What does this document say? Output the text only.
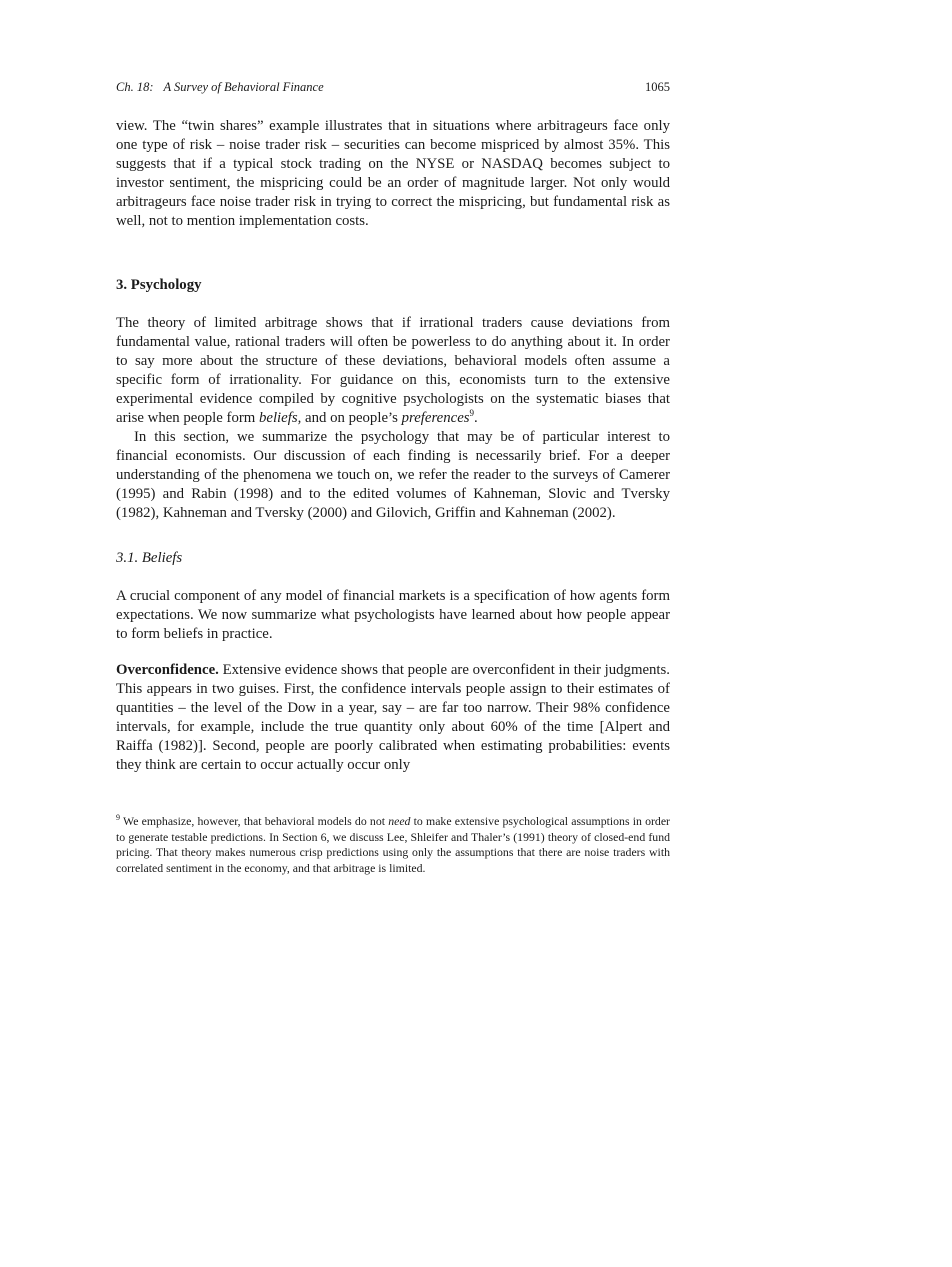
Ch. 18: A Survey of Behavioral Finance	1065

view. The “twin shares” example illustrates that in situations where arbitrageurs face only one type of risk – noise trader risk – securities can become mispriced by almost 35%. This suggests that if a typical stock trading on the NYSE or NASDAQ becomes subject to investor sentiment, the mispricing could be an order of magnitude larger. Not only would arbitrageurs face noise trader risk in trying to correct the mispricing, but fundamental risk as well, not to mention implementation costs.

3. Psychology

The theory of limited arbitrage shows that if irrational traders cause deviations from fundamental value, rational traders will often be powerless to do anything about it. In order to say more about the structure of these deviations, behavioral models often assume a specific form of irrationality. For guidance on this, economists turn to the extensive experimental evidence compiled by cognitive psychologists on the systematic biases that arise when people form beliefs, and on people’s preferences$^9$.

In this section, we summarize the psychology that may be of particular interest to financial economists. Our discussion of each finding is necessarily brief. For a deeper understanding of the phenomena we touch on, we refer the reader to the surveys of Camerer (1995) and Rabin (1998) and to the edited volumes of Kahneman, Slovic and Tversky (1982), Kahneman and Tversky (2000) and Gilovich, Griffin and Kahneman (2002).

3.1. Beliefs

A crucial component of any model of financial markets is a specification of how agents form expectations. We now summarize what psychologists have learned about how people appear to form beliefs in practice.

Overconfidence. Extensive evidence shows that people are overconfident in their judgments. This appears in two guises. First, the confidence intervals people assign to their estimates of quantities – the level of the Dow in a year, say – are far too narrow. Their 98% confidence intervals, for example, include the true quantity only about 60% of the time [Alpert and Raiffa (1982)]. Second, people are poorly calibrated when estimating probabilities: events they think are certain to occur actually occur only

$^9$ We emphasize, however, that behavioral models do not need to make extensive psychological assumptions in order to generate testable predictions. In Section 6, we discuss Lee, Shleifer and Thaler’s (1991) theory of closed-end fund pricing. That theory makes numerous crisp predictions using only the assumptions that there are noise traders with correlated sentiment in the economy, and that arbitrage is limited.
